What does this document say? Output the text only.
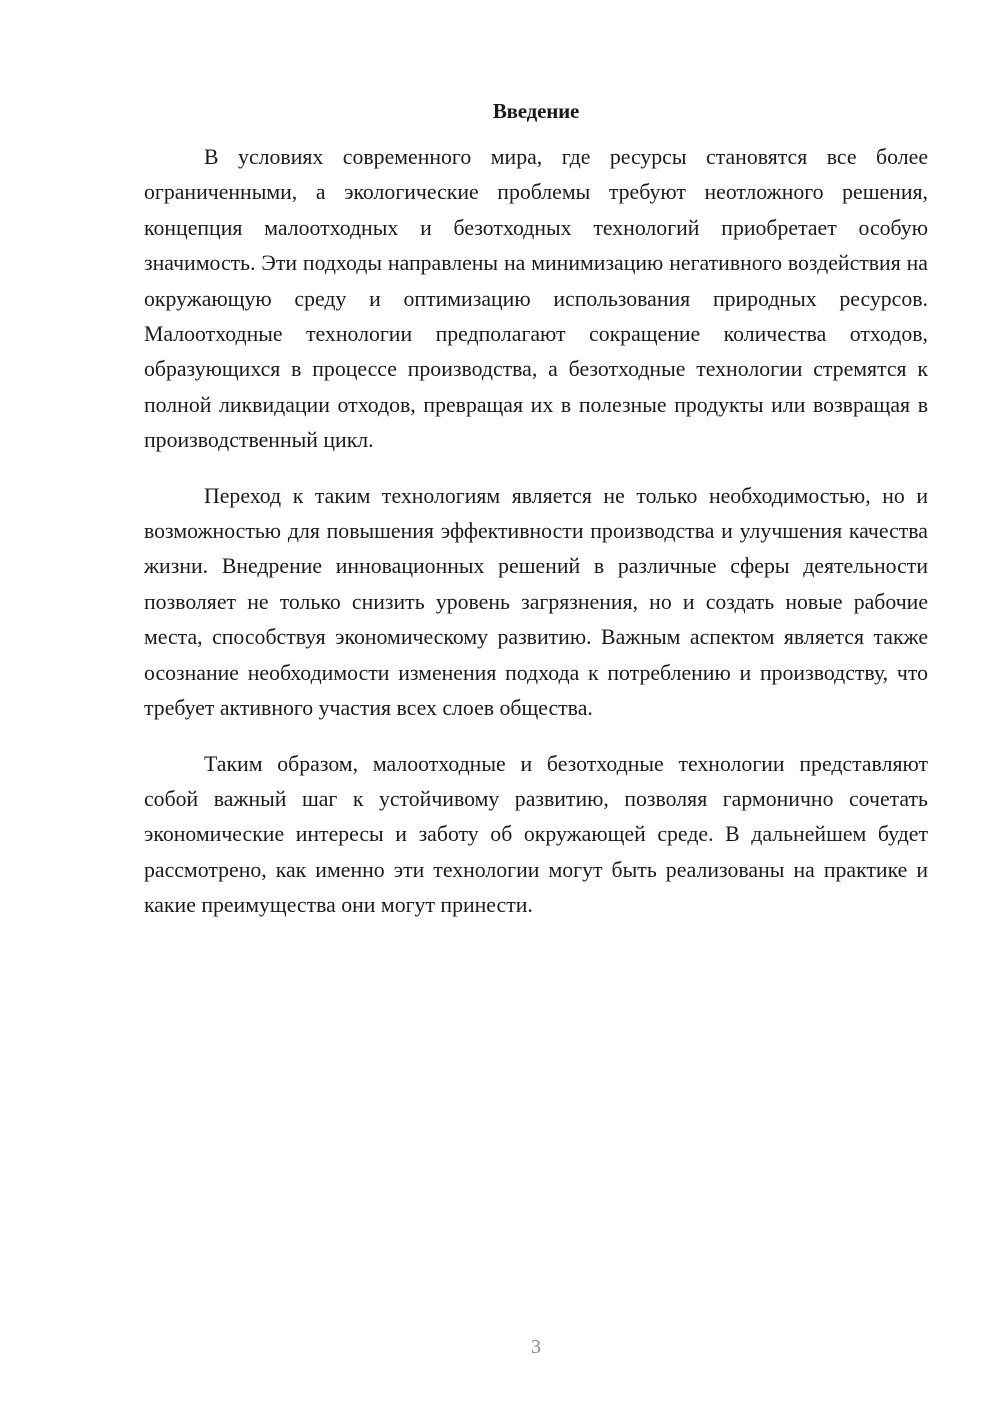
Введение

В условиях современного мира, где ресурсы становятся все более ограниченными, а экологические проблемы требуют неотложного решения, концепция малоотходных и безотходных технологий приобретает особую значимость. Эти подходы направлены на минимизацию негативного воздействия на окружающую среду и оптимизацию использования природных ресурсов. Малоотходные технологии предполагают сокращение количества отходов, образующихся в процессе производства, а безотходные технологии стремятся к полной ликвидации отходов, превращая их в полезные продукты или возвращая в производственный цикл.

Переход к таким технологиям является не только необходимостью, но и возможностью для повышения эффективности производства и улучшения качества жизни. Внедрение инновационных решений в различные сферы деятельности позволяет не только снизить уровень загрязнения, но и создать новые рабочие места, способствуя экономическому развитию. Важным аспектом является также осознание необходимости изменения подхода к потреблению и производству, что требует активного участия всех слоев общества.

Таким образом, малоотходные и безотходные технологии представляют собой важный шаг к устойчивому развитию, позволяя гармонично сочетать экономические интересы и заботу об окружающей среде. В дальнейшем будет рассмотрено, как именно эти технологии могут быть реализованы на практике и какие преимущества они могут принести.

3
